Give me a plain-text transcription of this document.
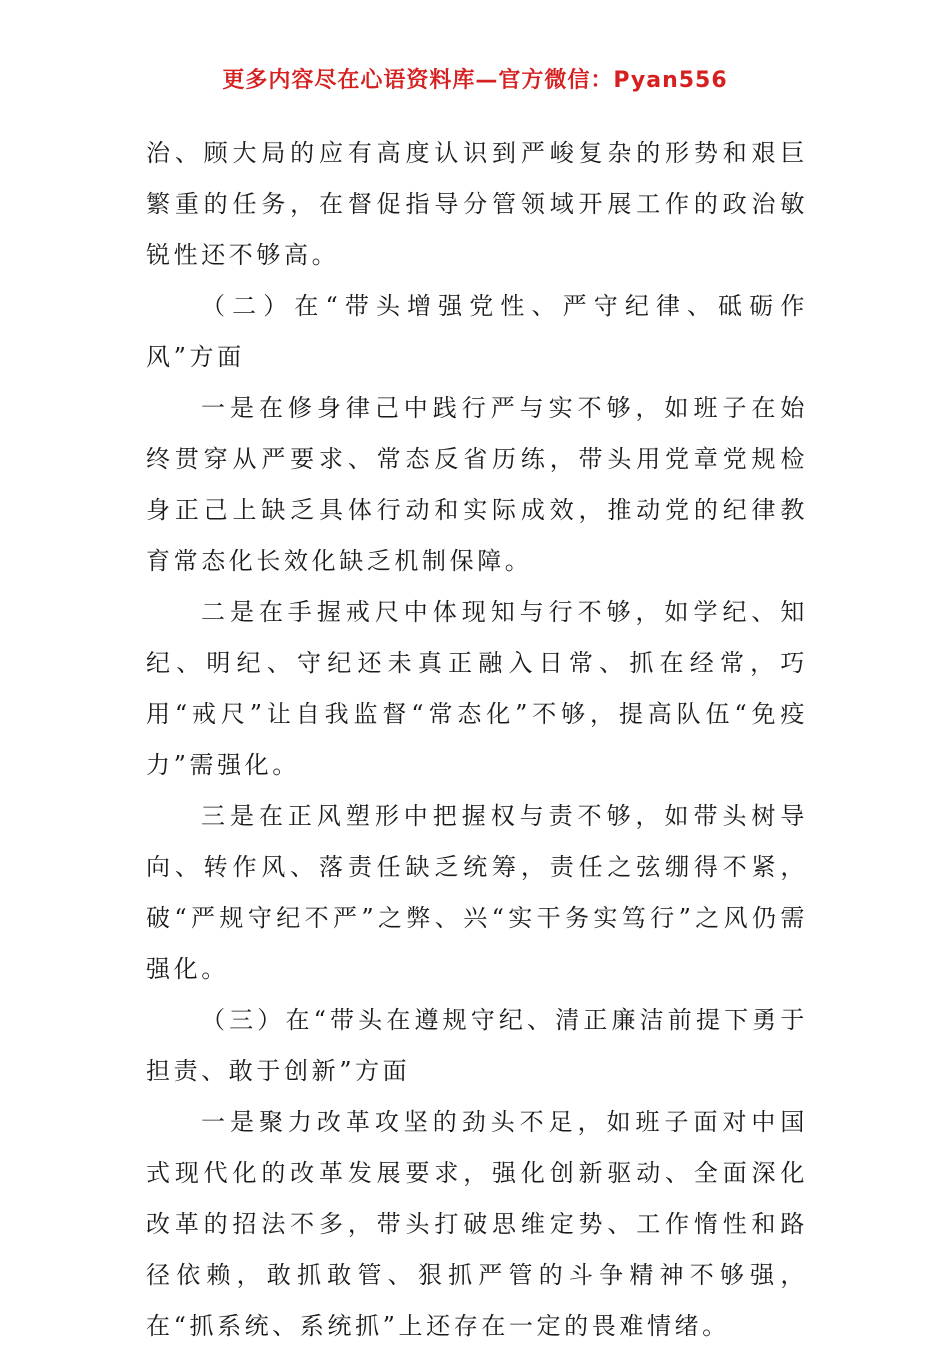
更多内容尽在心语资料库—官方微信：Pyan556

治、顾大局的应有高度认识到严峻复杂的形势和艰巨繁重的任务，在督促指导分管领域开展工作的政治敏锐性还不够高。

（二）在“带头增强党性、严守纪律、砥砺作风”方面

一是在修身律己中践行严与实不够，如班子在始终贯穿从严要求、常态反省历练，带头用党章党规检身正己上缺乏具体行动和实际成效，推动党的纪律教育常态化长效化缺乏机制保障。

二是在手握戒尺中体现知与行不够，如学纪、知纪、明纪、守纪还未真正融入日常、抓在经常，巧用“戒尺”让自我监督“常态化”不够，提高队伍“免疫力”需强化。

三是在正风塑形中把握权与责不够，如带头树导向、转作风、落责任缺乏统筹，责任之弦绷得不紧，破“严规守纪不严”之弊、兴“实干务实笃行”之风仍需强化。

（三）在“带头在遵规守纪、清正廉洁前提下勇于担责、敢于创新”方面

一是聚力改革攻坚的劲头不足，如班子面对中国式现代化的改革发展要求，强化创新驱动、全面深化改革的招法不多，带头打破思维定势、工作惰性和路径依赖，敢抓敢管、狠抓严管的斗争精神不够强，在“抓系统、系统抓”上还存在一定的畏难情绪。
